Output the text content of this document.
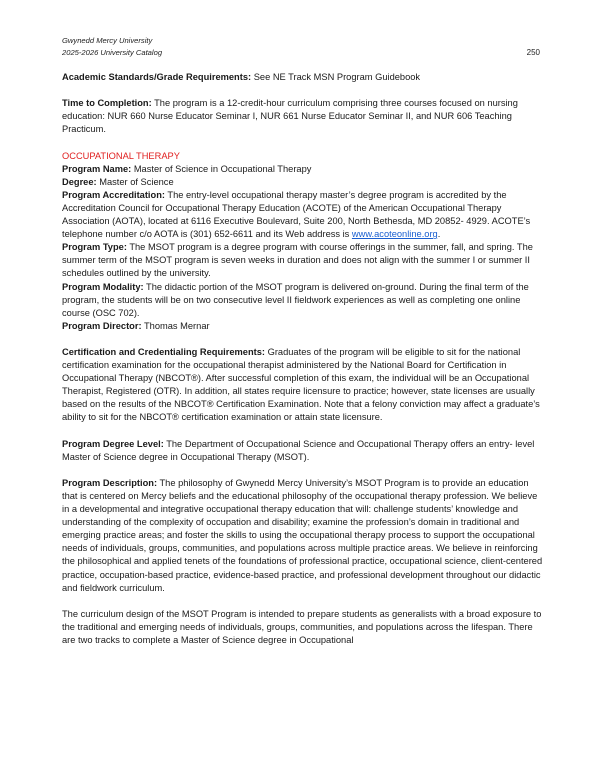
Gwynedd Mercy University
2025-2026 University Catalog	250

Academic Standards/Grade Requirements: See NE Track MSN Program Guidebook

Time to Completion: The program is a 12-credit-hour curriculum comprising three courses focused on nursing education: NUR 660 Nurse Educator Seminar I, NUR 661 Nurse Educator Seminar II, and NUR 606 Teaching Practicum.

OCCUPATIONAL THERAPY

Program Name: Master of Science in Occupational Therapy

Degree: Master of Science

Program Accreditation: The entry-level occupational therapy master’s degree program is accredited by the Accreditation Council for Occupational Therapy Education (ACOTE) of the American Occupational Therapy Association (AOTA), located at 6116 Executive Boulevard, Suite 200, North Bethesda, MD 20852- 4929. ACOTE’s telephone number c/o AOTA is (301) 652-6611 and its Web address is www.acoteonline.org.

Program Type: The MSOT program is a degree program with course offerings in the summer, fall, and spring. The summer term of the MSOT program is seven weeks in duration and does not align with the summer I or summer II schedules outlined by the university.

Program Modality: The didactic portion of the MSOT program is delivered on-ground. During the final term of the program, the students will be on two consecutive level II fieldwork experiences as well as completing one online course (OSC 702).

Program Director: Thomas Mernar

Certification and Credentialing Requirements: Graduates of the program will be eligible to sit for the national certification examination for the occupational therapist administered by the National Board for Certification in Occupational Therapy (NBCOT®). After successful completion of this exam, the individual will be an Occupational Therapist, Registered (OTR). In addition, all states require licensure to practice; however, state licenses are usually based on the results of the NBCOT® Certification Examination. Note that a felony conviction may affect a graduate’s ability to sit for the NBCOT® certification examination or attain state licensure.

Program Degree Level: The Department of Occupational Science and Occupational Therapy offers an entry- level Master of Science degree in Occupational Therapy (MSOT).

Program Description: The philosophy of Gwynedd Mercy University’s MSOT Program is to provide an education that is centered on Mercy beliefs and the educational philosophy of the occupational therapy profession. We believe in a developmental and integrative occupational therapy education that will: challenge students’ knowledge and understanding of the complexity of occupation and disability; examine the profession’s domain in traditional and emerging practice areas; and foster the skills to using the occupational therapy process to support the occupational needs of individuals, groups, communities, and populations across multiple practice areas. We believe in reinforcing the philosophical and applied tenets of the foundations of professional practice, occupational science, client-centered practice, occupation-based practice, evidence-based practice, and professional development throughout our didactic and fieldwork curriculum.

The curriculum design of the MSOT Program is intended to prepare students as generalists with a broad exposure to the traditional and emerging needs of individuals, groups, communities, and populations across the lifespan. There are two tracks to complete a Master of Science degree in Occupational
